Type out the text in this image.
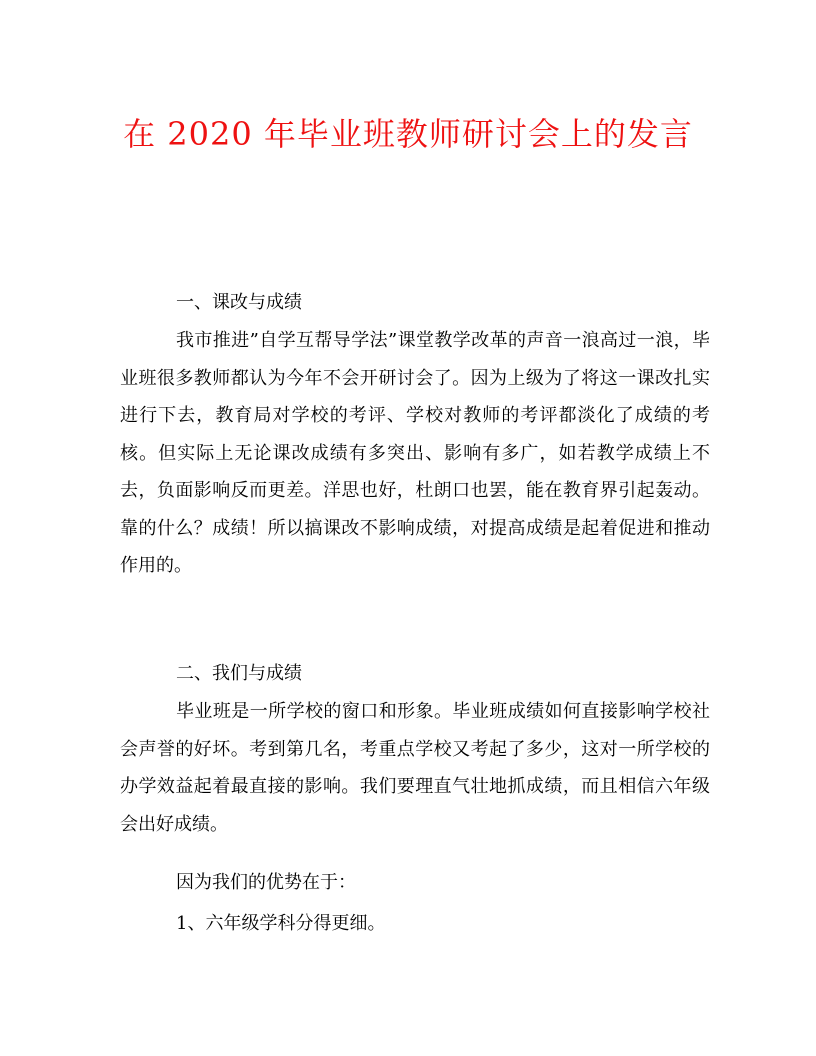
在 2020 年毕业班教师研讨会上的发言
一、课改与成绩

我市推进”自学互帮导学法”课堂教学改革的声音一浪高过一浪，毕业班很多教师都认为今年不会开研讨会了。因为上级为了将这一课改扎实进行下去，教育局对学校的考评、学校对教师的考评都淡化了成绩的考核。但实际上无论课改成绩有多突出、影响有多广，如若教学成绩上不去，负面影响反而更差。洋思也好，杜朗口也罢，能在教育界引起轰动。靠的什么？成绩！所以搞课改不影响成绩，对提高成绩是起着促进和推动作用的。

二、我们与成绩

毕业班是一所学校的窗口和形象。毕业班成绩如何直接影响学校社会声誉的好坏。考到第几名，考重点学校又考起了多少，这对一所学校的办学效益起着最直接的影响。我们要理直气壮地抓成绩，而且相信六年级会出好成绩。

因为我们的优势在于：
1、六年级学科分得更细。
